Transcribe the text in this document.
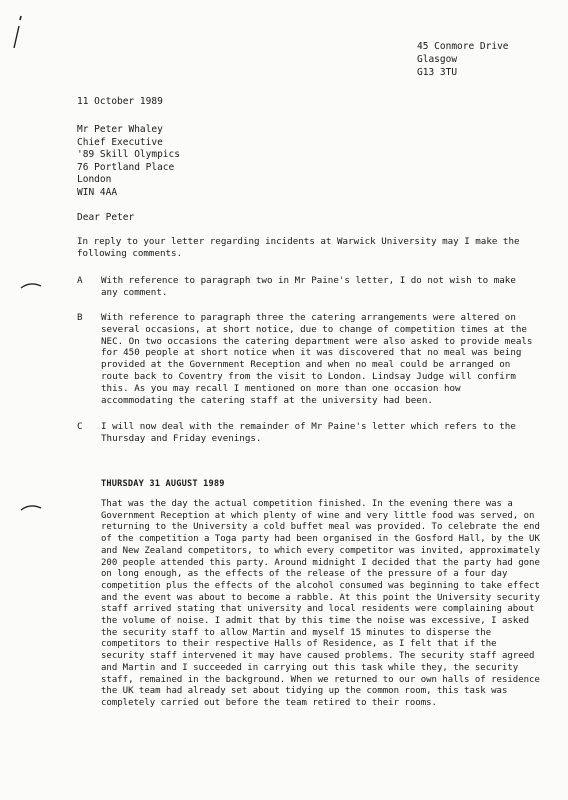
45 Conmore Drive
Glasgow
G13 3TU
11 October 1989
Mr Peter Whaley
Chief Executive
'89 Skill Olympics
76 Portland Place
London
WIN 4AA
Dear Peter
In reply to your letter regarding incidents at Warwick University may I make the following comments.
A	With reference to paragraph two in Mr Paine's letter, I do not wish to make any comment.
B	With reference to paragraph three the catering arrangements were altered on several occasions, at short notice, due to change of competition times at the NEC. On two occasions the catering department were also asked to provide meals for 450 people at short notice when it was discovered that no meal was being provided at the Government Reception and when no meal could be arranged on route back to Coventry from the visit to London. Lindsay Judge will confirm this. As you may recall I mentioned on more than one occasion how accommodating the catering staff at the university had been.
C	I will now deal with the remainder of Mr Paine's letter which refers to the Thursday and Friday evenings.
THURSDAY 31 AUGUST 1989
That was the day the actual competition finished. In the evening there was a Government Reception at which plenty of wine and very little food was served, on returning to the University a cold buffet meal was provided. To celebrate the end of the competition a Toga party had been organised in the Gosford Hall, by the UK and New Zealand competitors, to which every competitor was invited, approximately 200 people attended this party. Around midnight I decided that the party had gone on long enough, as the effects of the release of the pressure of a four day competition plus the effects of the alcohol consumed was beginning to take effect and the event was about to become a rabble. At this point the University security staff arrived stating that university and local residents were complaining about the volume of noise. I admit that by this time the noise was excessive, I asked the security staff to allow Martin and myself 15 minutes to disperse the competitors to their respective Halls of Residence, as I felt that if the security staff intervened it may have caused problems. The security staff agreed and Martin and I succeeded in carrying out this task while they, the security staff, remained in the background. When we returned to our own halls of residence the UK team had already set about tidying up the common room, this task was completely carried out before the team retired to their rooms.
